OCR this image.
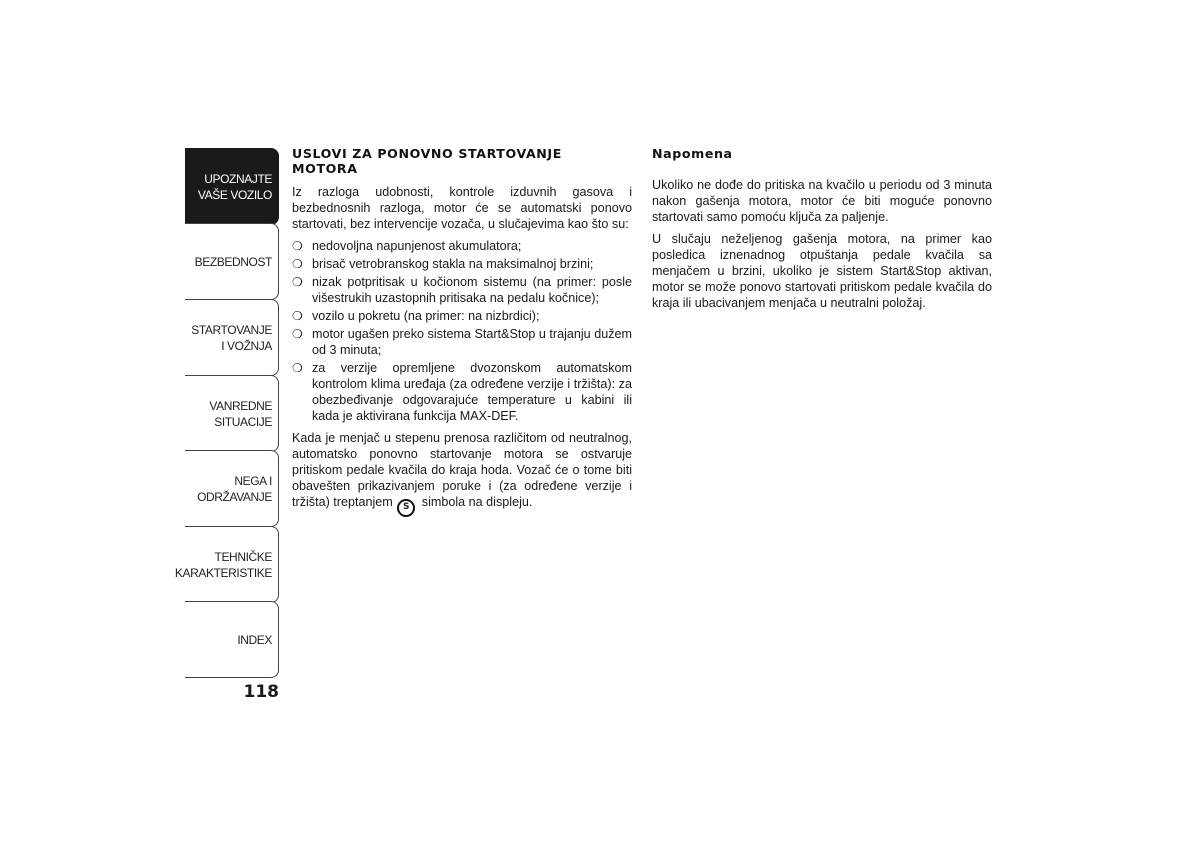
UPOZNAJTE
VAŠE VOZILO
BEZBEDNOST
STARTOVANJE
I VOŽNJA
VANREDNE
SITUACIJE
NEGA I
ODRŽAVANJE
TEHNIČKE
KARAKTERISTIKE
INDEX
118
USLOVI ZA PONOVNO STARTOVANJE MOTORA

Iz razloga udobnosti, kontrole izduvnih gasova i bezbednosnih razloga, motor će se automatski ponovo startovati, bez intervencije vozača, u slučajevima kao što su:

❍ nedovoljna napunjenost akumulatora;
❍ brisač vetrobranskog stakla na maksimalnoj brzini;
❍ nizak potpritisak u kočionom sistemu (na primer: posle višestrukih uzastopnih pritisaka na pedalu kočnice);
❍ vozilo u pokretu (na primer: na nizbrdici);
❍ motor ugašen preko sistema Start&Stop u trajanju dužem od 3 minuta;
❍ za verzije opremljene dvozonskom automatskom kontrolom klima uređaja (za određene verzije i tržišta): za obezbeđivanje odgovarajuće temperature u kabini ili kada je aktivirana funkcija MAX-DEF.

Kada je menjač u stepenu prenosa različitom od neutralnog, automatsko ponovno startovanje motora se ostvaruje pritiskom pedale kvačila do kraja hoda. Vozač će o tome biti obavešten prikazivanjem poruke i (za određene verzije i tržišta) treptanjem S simbola na displeju.

Napomena

Ukoliko ne dođe do pritiska na kvačilo u periodu od 3 minuta nakon gašenja motora, motor će biti moguće ponovno startovati samo pomoću ključa za paljenje.

U slučaju neželjenog gašenja motora, na primer kao posledica iznenadnog otpuštanja pedale kvačila sa menjačem u brzini, ukoliko je sistem Start&Stop aktivan, motor se može ponovo startovati pritiskom pedale kvačila do kraja ili ubacivanjem menjača u neutralni položaj.
